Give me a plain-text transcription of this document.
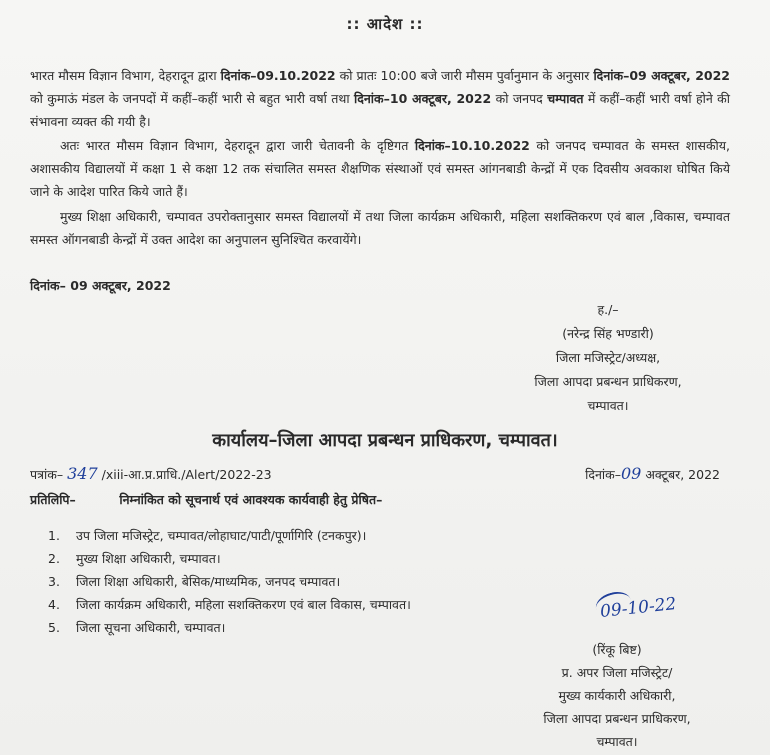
:: आदेश ::
भारत मौसम विज्ञान विभाग, देहरादून द्वारा दिनांक–09.10.2022 को प्रातः 10:00 बजे जारी मौसम पुर्वानुमान के अनुसार दिनांक–09 अक्टूबर, 2022 को कुमाऊं मंडल के जनपदों में कहीं–कहीं भारी से बहुत भारी वर्षा तथा दिनांक–10 अक्टूबर, 2022 को जनपद चम्पावत में कहीं–कहीं भारी वर्षा होने की संभावना व्यक्त की गयी है।
अतः भारत मौसम विज्ञान विभाग, देहरादून द्वारा जारी चेतावनी के दृष्टिगत दिनांक–10.10.2022 को जनपद चम्पावत के समस्त शासकीय, अशासकीय विद्यालयों में कक्षा 1 से कक्षा 12 तक संचालित समस्त शैक्षणिक संस्थाओं एवं समस्त आंगनबाडी केन्द्रों में एक दिवसीय अवकाश घोषित किये जाने के आदेश पारित किये जाते हैं।
मुख्य शिक्षा अधिकारी, चम्पावत उपरोक्तानुसार समस्त विद्यालयों में तथा जिला कार्यक्रम अधिकारी, महिला सशक्तिकरण एवं बाल ,विकास, चम्पावत समस्त ऑगनबाडी केन्द्रों में उक्त आदेश का अनुपालन सुनिश्चित करवायेंगे।
दिनांक– 09 अक्टूबर, 2022
ह./–
(नरेन्द्र सिंह भण्डारी)
जिला मजिस्ट्रेट/अध्यक्ष,
जिला आपदा प्रबन्धन प्राधिकरण,
चम्पावत।
कार्यालय–जिला आपदा प्रबन्धन प्राधिकरण, चम्पावत।
पत्रांक– 347 /xiii-आ.प्र.प्राधि./Alert/2022-23	दिनांक–09 अक्टूबर, 2022
प्रतिलिपि–	निम्नांकित को सूचनार्थ एवं आवश्यक कार्यवाही हेतु प्रेषित–
1. उप जिला मजिस्ट्रेट, चम्पावत/लोहाघाट/पाटी/पूर्णागिरि (टनकपुर)।
2. मुख्य शिक्षा अधिकारी, चम्पावत।
3. जिला शिक्षा अधिकारी, बेसिक/माध्यमिक, जनपद चम्पावत।
4. जिला कार्यक्रम अधिकारी, महिला सशक्तिकरण एवं बाल विकास, चम्पावत।
5. जिला सूचना अधिकारी, चम्पावत।
09-10-22
(रिंकू बिष्ट)
प्र. अपर जिला मजिस्ट्रेट/
मुख्य कार्यकारी अधिकारी,
जिला आपदा प्रबन्धन प्राधिकरण,
चम्पावत।
